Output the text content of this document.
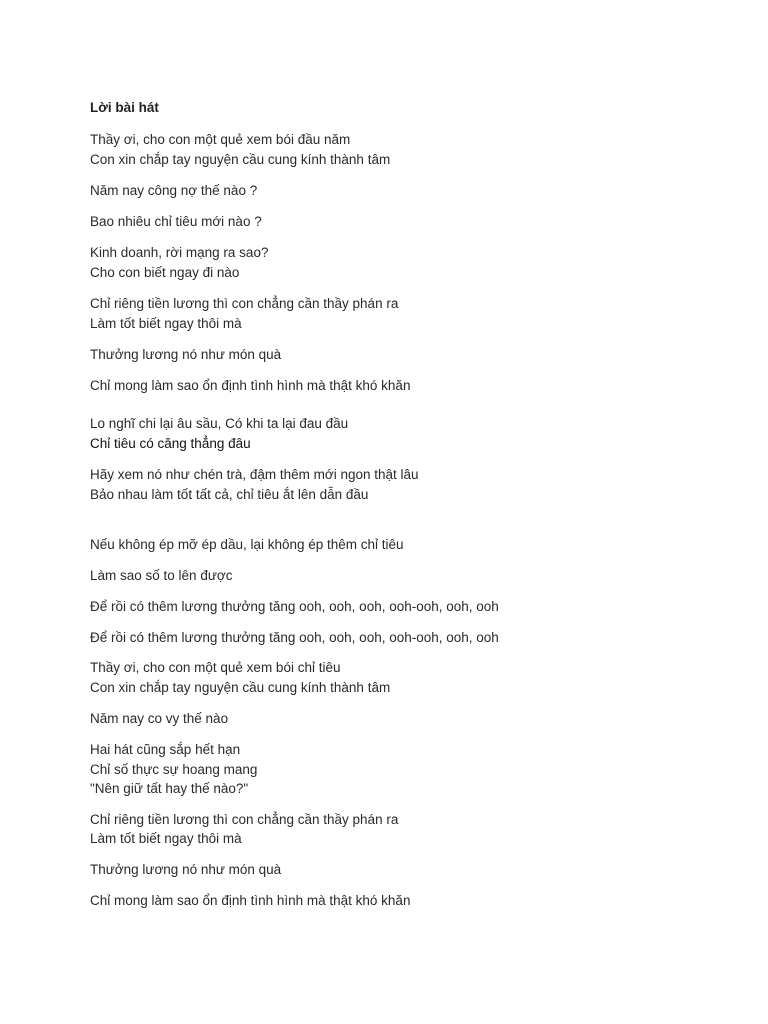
Lời bài hát
Thầy ơi, cho con một quẻ xem bói đầu năm
Con xin chắp tay nguyện cầu cung kính thành tâm
Năm nay công nợ thế nào ?
Bao nhiêu chỉ tiêu mới nào ?
Kinh doanh, rời mạng ra sao?
Cho con biết ngay đi nào
Chỉ riêng tiền lương thì con chẳng cần thầy phán ra
Làm tốt biết ngay thôi mà
Thưởng lương nó như món quà
Chỉ mong làm sao ổn định tình hình mà thật khó khăn
Lo nghĩ chi lại âu sầu, Có khi ta lại đau đầu
Chỉ tiêu có căng thẳng đâu
Hãy xem nó như chén trà, đậm thêm mới ngon thật lâu
Bảo nhau làm tốt tất cả, chỉ tiêu ắt lên dẫn đầu
Nếu không ép mỡ ép dầu, lại không ép thêm chỉ tiêu
Làm sao số to lên được
Để rồi có thêm lương thưởng tăng ooh, ooh, ooh, ooh-ooh, ooh, ooh
Để rồi có thêm lương thưởng tăng ooh, ooh, ooh, ooh-ooh, ooh, ooh
Thầy ơi, cho con một quẻ xem bói chỉ tiêu
Con xin chắp tay nguyện cầu cung kính thành tâm
Năm nay co vy thế nào
Hai hát cũng sắp hết hạn
Chỉ số thực sự hoang mang
"Nên giữ tất hay thế nào?"
Chỉ riêng tiền lương thì con chẳng cần thầy phán ra
Làm tốt biết ngay thôi mà
Thưởng lương nó như món quà
Chỉ mong làm sao ổn định tình hình mà thật khó khăn
